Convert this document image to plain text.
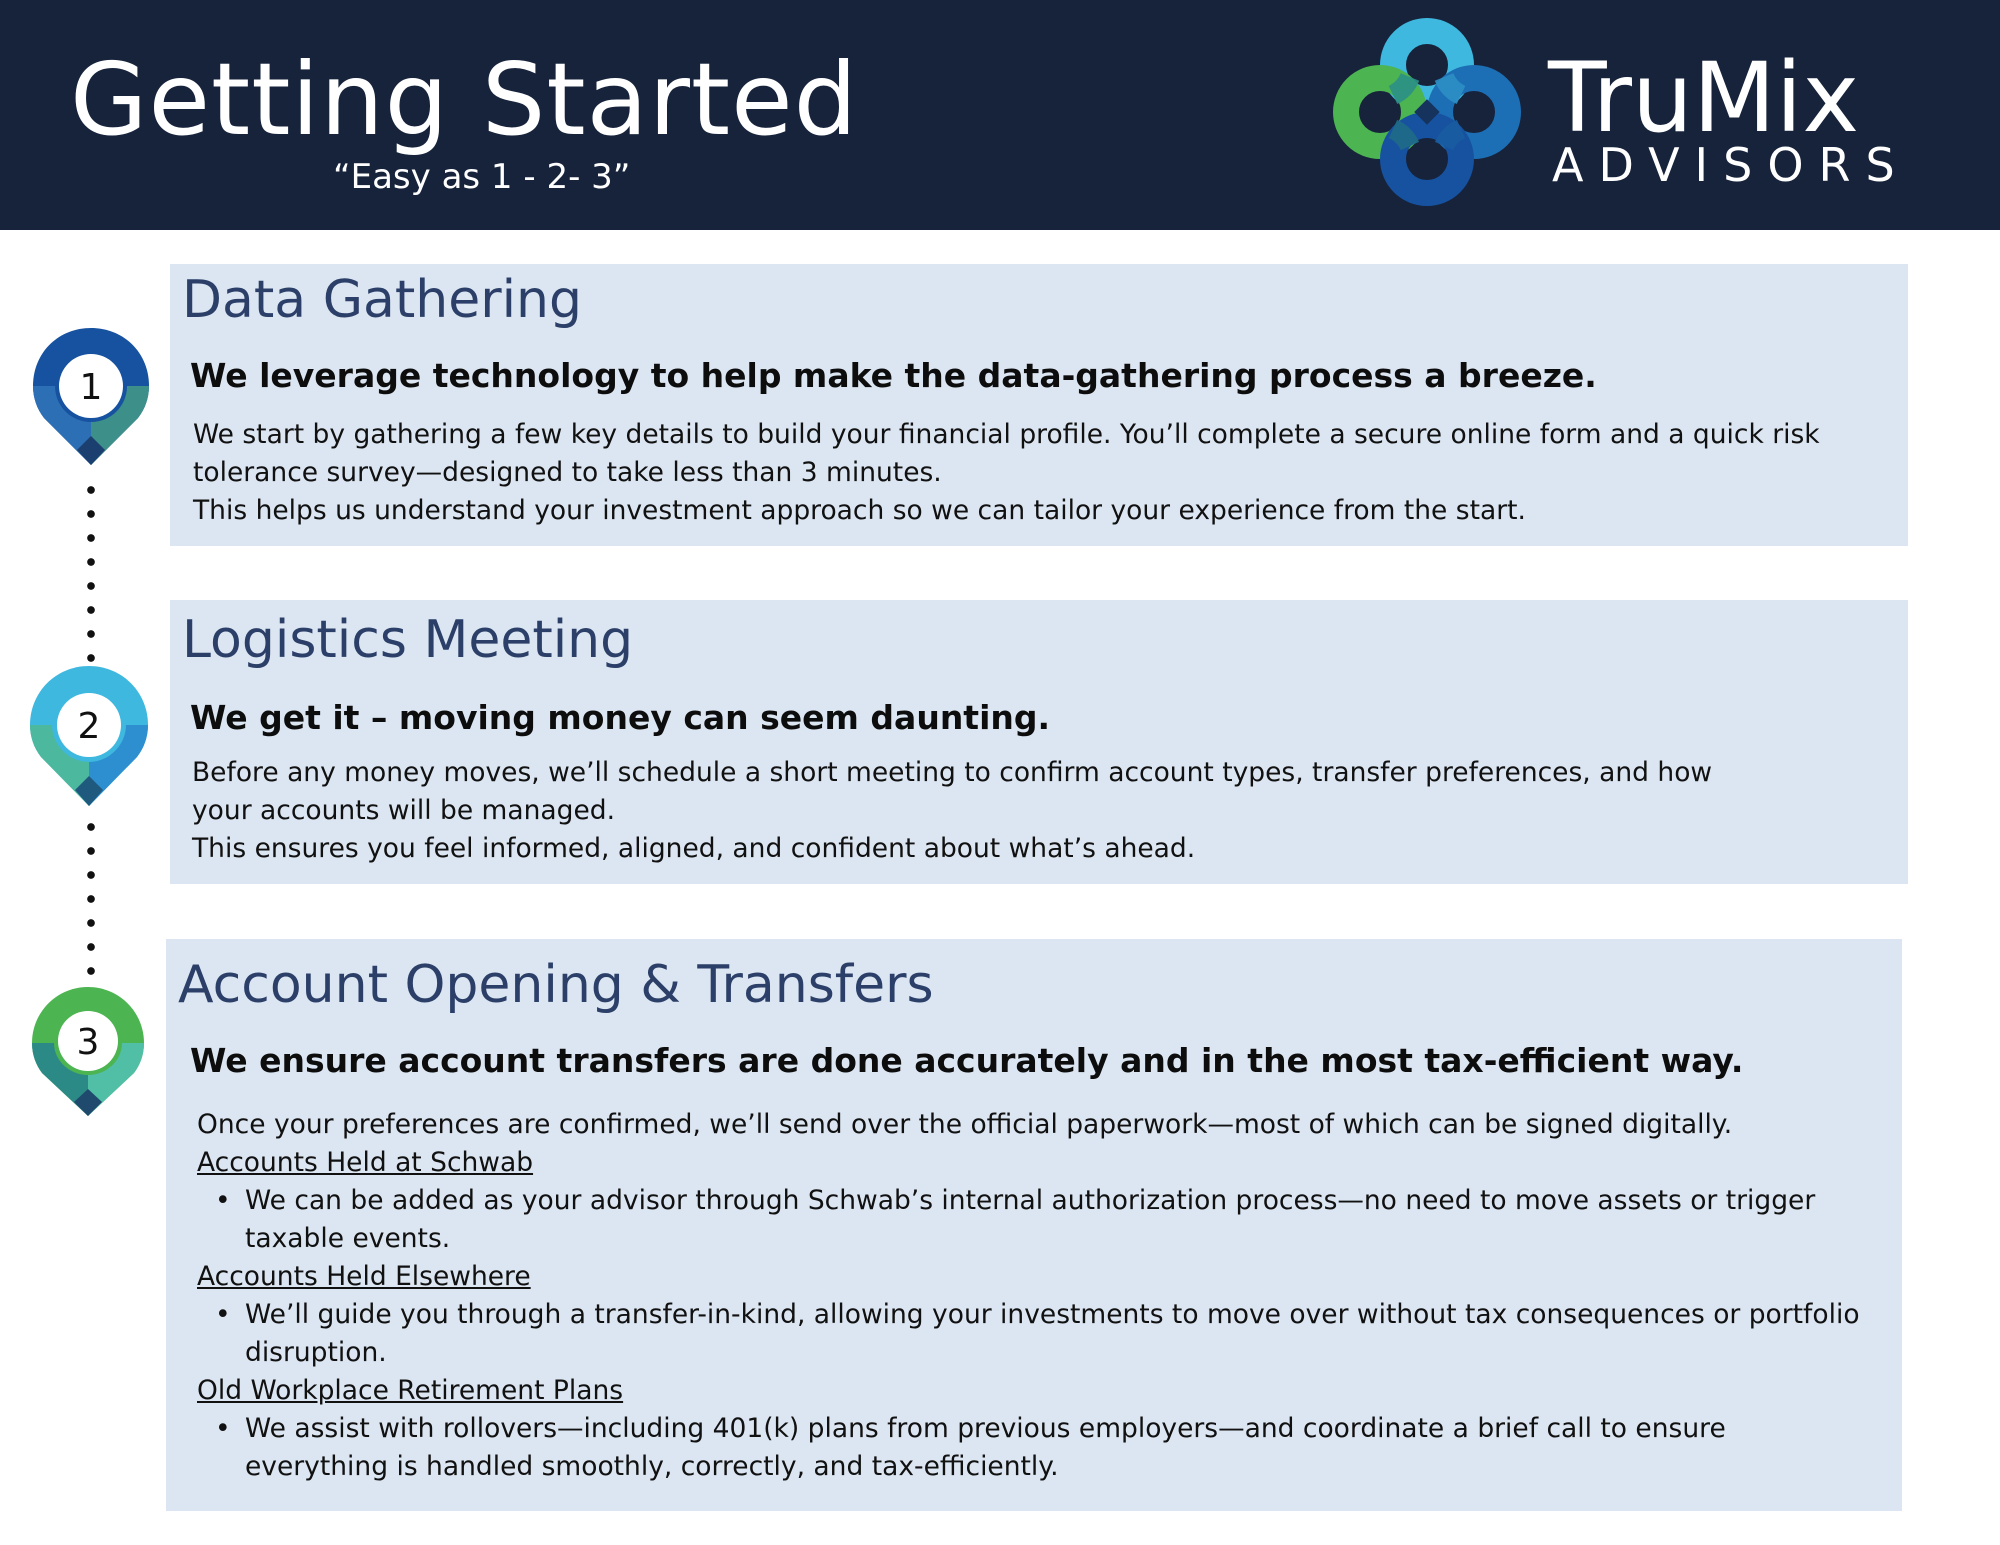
Getting Started
“Easy as 1 - 2- 3”
TruMix
ADVISORS
1
2
3
Data Gathering
We leverage technology to help make the data-gathering process a breeze.

We start by gathering a few key details to build your financial profile. You’ll complete a secure online form and a quick risk tolerance survey—designed to take less than 3 minutes.

This helps us understand your investment approach so we can tailor your experience from the start.

Logistics Meeting
We get it – moving money can seem daunting.

Before any money moves, we’ll schedule a short meeting to confirm account types, transfer preferences, and how your accounts will be managed.

This ensures you feel informed, aligned, and confident about what’s ahead.

Account Opening & Transfers
We ensure account transfers are done accurately and in the most tax-efficient way.

Once your preferences are confirmed, we’ll send over the official paperwork—most of which can be signed digitally.

Accounts Held at Schwab

• We can be added as your advisor through Schwab’s internal authorization process—no need to move assets or trigger taxable events.

Accounts Held Elsewhere

• We’ll guide you through a transfer-in-kind, allowing your investments to move over without tax consequences or portfolio disruption.

Old Workplace Retirement Plans

• We assist with rollovers—including 401(k) plans from previous employers—and coordinate a brief call to ensure everything is handled smoothly, correctly, and tax-efficiently.
